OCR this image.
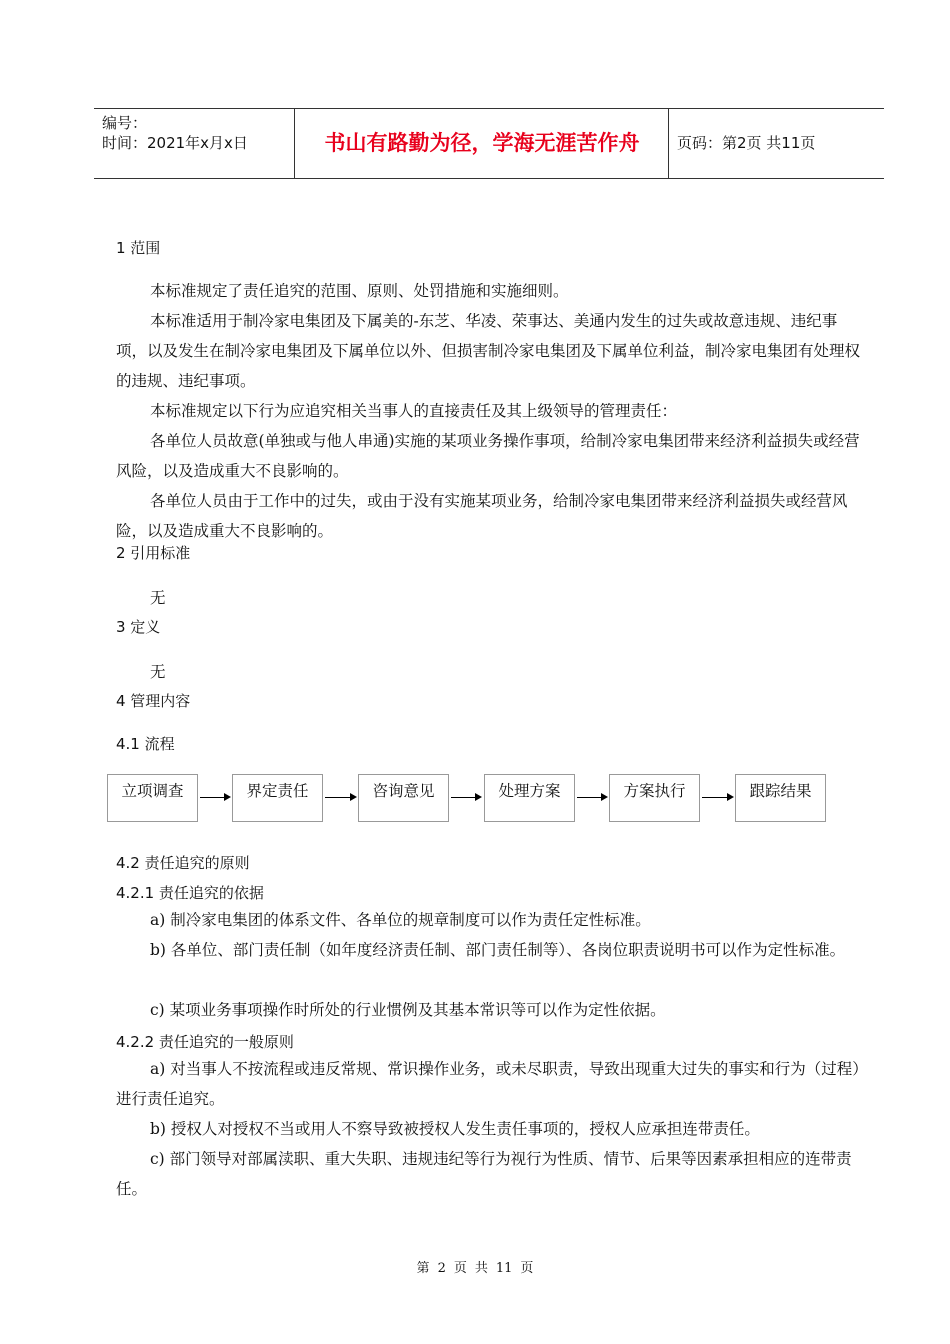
编号：
时间：2021年x月x日	书山有路勤为径，学海无涯苦作舟	页码：第2页 共11页
1 范围
本标准规定了责任追究的范围、原则、处罚措施和实施细则。
本标准适用于制冷家电集团及下属美的-东芝、华凌、荣事达、美通内发生的过失或故意违规、违纪事项，以及发生在制冷家电集团及下属单位以外、但损害制冷家电集团及下属单位利益，制冷家电集团有处理权的违规、违纪事项。
本标准规定以下行为应追究相关当事人的直接责任及其上级领导的管理责任：
各单位人员故意(单独或与他人串通)实施的某项业务操作事项，给制冷家电集团带来经济利益损失或经营风险，以及造成重大不良影响的。
各单位人员由于工作中的过失，或由于没有实施某项业务，给制冷家电集团带来经济利益损失或经营风险，以及造成重大不良影响的。
2 引用标准
无
3 定义
无
4 管理内容
4.1 流程
立项调查	界定责任	咨询意见	处理方案	方案执行	跟踪结果
4.2 责任追究的原则
4.2.1 责任追究的依据
a) 制冷家电集团的体系文件、各单位的规章制度可以作为责任定性标准。
b) 各单位、部门责任制（如年度经济责任制、部门责任制等）、各岗位职责说明书可以作为定性标准。
c) 某项业务事项操作时所处的行业惯例及其基本常识等可以作为定性依据。
4.2.2 责任追究的一般原则
a) 对当事人不按流程或违反常规、常识操作业务，或未尽职责，导致出现重大过失的事实和行为（过程）进行责任追究。
b) 授权人对授权不当或用人不察导致被授权人发生责任事项的，授权人应承担连带责任。
c) 部门领导对部属渎职、重大失职、违规违纪等行为视行为性质、情节、后果等因素承担相应的连带责任。
第 2 页 共 11 页
